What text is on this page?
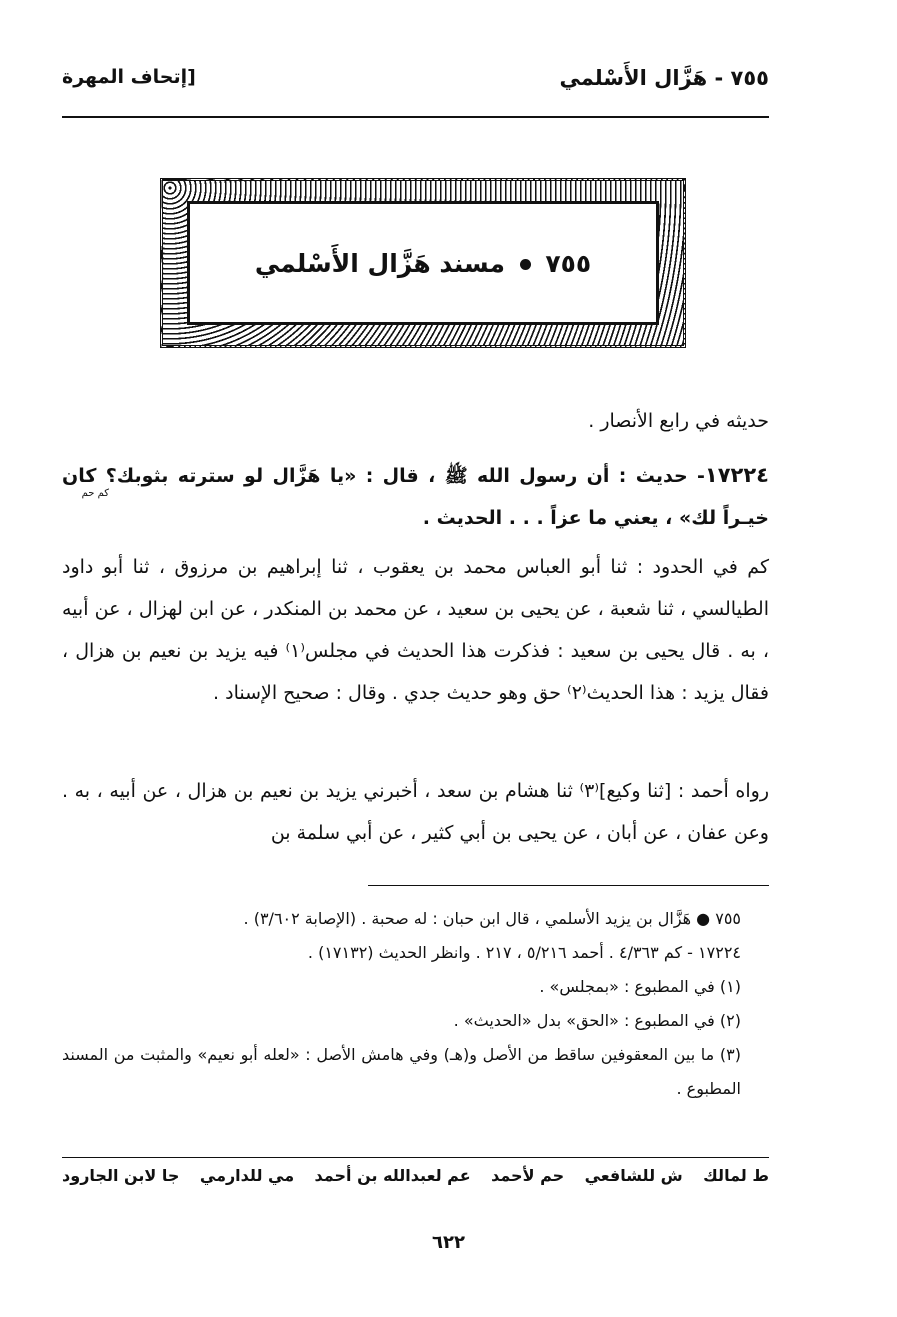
٧٥٥ - هَزَّال الأَسْلمي
[إتحاف المهرة
٧٥٥  مسند هَزَّال الأَسْلمي
حديثه في رابع الأنصار .
١٧٢٢٤- حديث : أن رسول الله ﷺ ، قال : «يا هَزَّال لو سترته بثوبك؟ كان خيـراً لك» ، يعني ما عزاً . . . الحديث .
كم حم
كم في الحدود : ثنا أبو العباس محمد بن يعقوب ، ثنا إبراهيم بن مرزوق ، ثنا أبو داود الطيالسي ، ثنا شعبة ، عن يحيى بن سعيد ، عن محمد بن المنكدر ، عن ابن لهزال ، عن أبيه ، به . قال يحيى بن سعيد : فذكرت هذا الحديث في مجلس⁽١⁾ فيه يزيد بن نعيم بن هزال ، فقال يزيد : هذا الحديث⁽٢⁾ حق وهو حديث جدي . وقال : صحيح الإسناد .
رواه أحمد : [ثنا وكيع]⁽٣⁾ ثنا هشام بن سعد ، أخبرني يزيد بن نعيم بن هزال ، عن أبيه ، به . وعن عفان ، عن أبان ، عن يحيى بن أبي كثير ، عن أبي سلمة بن
٧٥٥ ● هَزَّال بن يزيد الأسلمي ، قال ابن حبان : له صحبة . (الإصابة ٣/٦٠٢) .
١٧٢٢٤ - كم ٤/٣٦٣ . أحمد ٥/٢١٦ ، ٢١٧ . وانظر الحديث (١٧١٣٢) .
(١) في المطبوع : «بمجلس» .
(٢) في المطبوع : «الحق» بدل «الحديث» .
(٣) ما بين المعقوفين ساقط من الأصل و(هـ) وفي هامش الأصل : «لعله أبو نعيم» والمثبت من المسند المطبوع .
ط لمالك
ش للشافعي
حم لأحمد
عم لعبدالله بن أحمد
مي للدارمي
جا لابن الجارود
٦٢٢
